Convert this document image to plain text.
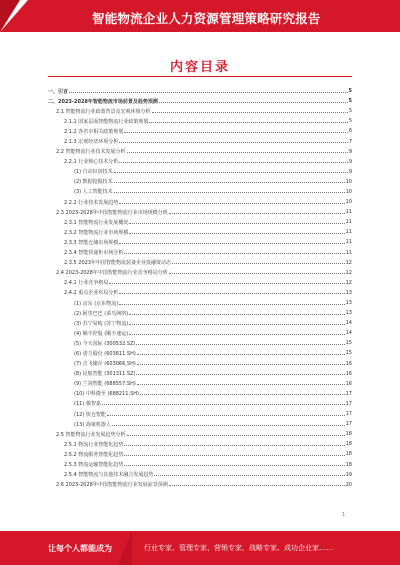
智能物流企业人力资源管理策略研究报告
内容目录
一、引言	5
二、2023-2028年智能物流市场前景及趋势预测	5
2.1 智能物流行业政策背景及宏观环境分析	5
2.1.1 国家层面智能物流行业政策规划	5
2.1.2 各省市相关政策规划	6
2.1.3 宏观经济环境分析	7
2.2 智能物流行业技术发展分析	9
2.2.1 行业核心技术分析	9
(1) 自动识别技术	9
(2) 数据挖掘技术	10
(3) 人工智能技术	10
2.2.2 行业技术发展趋势	10
2.3 2023-2028年中国智能物流行业市场规模分析	11
2.3.1 智能物流行业发展概况	11
2.3.2 智能物流行业市场规模	11
2.3.3 智能仓储市场规模	11
2.3.4 智能快递柜市场分析	11
2.3.5 2023年中国智能物流装备企业投融资动态	12
2.4 2023-2028年中国智能物流行业竞争格局分析	12
2.4.1 行业竞争格局	12
2.4.2 重点企业布局分析	13
(1) 京东 (京东物流)	13
(2) 阿里巴巴 (菜鸟网络)	13
(3) 苏宁易购 (苏宁物流)	14
(4) 顺丰控股 (顺丰速运)	14
(5) 今天国际 (300532.SZ)	15
(6) 诺力股份 (603611.SH)	15
(7) 音飞储存 (603066.SH)	16
(8) 昆船智能 (301311.SZ)	16
(9) 兰剑智能 (688557.SH)	16
(10) 中科微至 (688211.SH)	17
(11) 极智嘉	17
(12) 快仓智能	17
(13) 海康机器人	17
2.5 智能物流行业发展趋势分析	18
2.5.1 物流行业智能化趋势	18
2.5.2 物流服务智能化趋势	18
2.5.3 物流运输智能化趋势	18
2.5.4 智能物流与其他技术融合发展趋势	19
2.6 2023-2028年中国智能物流行业发展前景预测	20
1
让每个人都能成为	行业专家、管理专家、营销专家、战略专家、成功企业家……
